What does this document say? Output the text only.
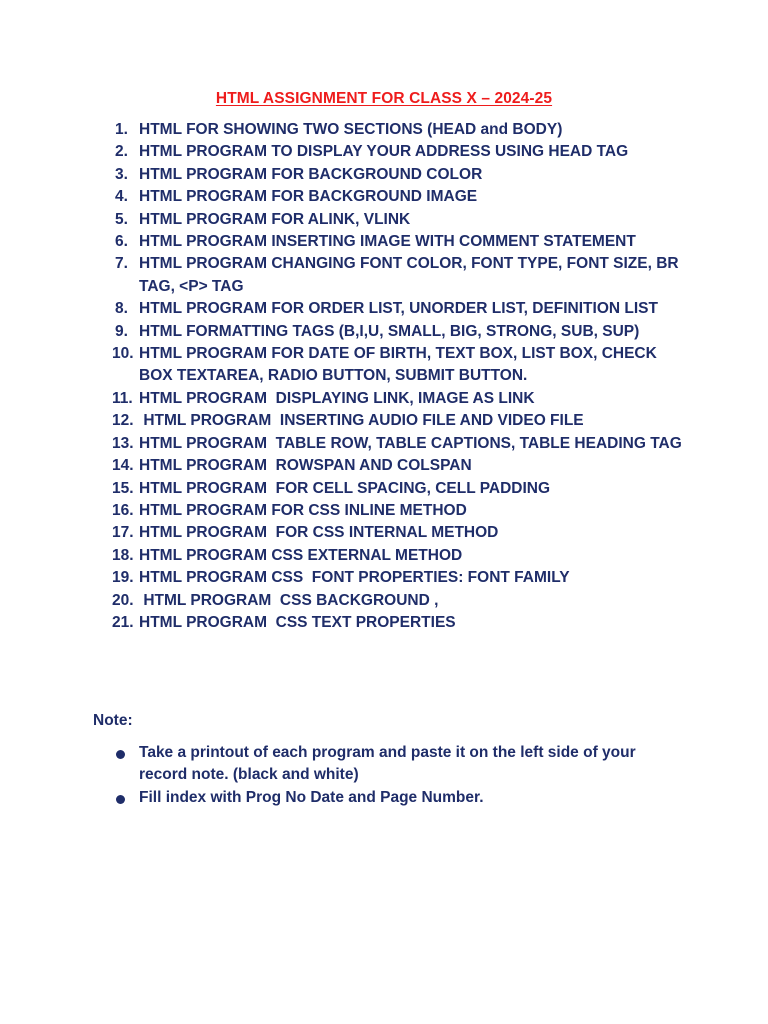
HTML ASSIGNMENT FOR CLASS X – 2024-25
1. HTML FOR SHOWING TWO SECTIONS (HEAD and BODY)
2. HTML PROGRAM TO DISPLAY YOUR ADDRESS USING HEAD TAG
3. HTML PROGRAM FOR BACKGROUND COLOR
4. HTML PROGRAM FOR BACKGROUND IMAGE
5. HTML PROGRAM FOR ALINK, VLINK
6. HTML PROGRAM INSERTING IMAGE WITH COMMENT STATEMENT
7. HTML PROGRAM CHANGING FONT COLOR, FONT TYPE, FONT SIZE, BR TAG, <P> TAG
8. HTML PROGRAM FOR ORDER LIST, UNORDER LIST, DEFINITION LIST
9. HTML FORMATTING TAGS (B,I,U, SMALL, BIG, STRONG, SUB, SUP)
10. HTML PROGRAM FOR DATE OF BIRTH, TEXT BOX, LIST BOX, CHECK BOX TEXTAREA, RADIO BUTTON, SUBMIT BUTTON.
11. HTML PROGRAM  DISPLAYING LINK, IMAGE AS LINK
12. HTML PROGRAM  INSERTING AUDIO FILE AND VIDEO FILE
13. HTML PROGRAM  TABLE ROW, TABLE CAPTIONS, TABLE HEADING TAG
14. HTML PROGRAM  ROWSPAN AND COLSPAN
15. HTML PROGRAM  FOR CELL SPACING, CELL PADDING
16. HTML PROGRAM FOR CSS INLINE METHOD
17. HTML PROGRAM  FOR CSS INTERNAL METHOD
18. HTML PROGRAM CSS EXTERNAL METHOD
19. HTML PROGRAM CSS  FONT PROPERTIES: FONT FAMILY
20. HTML PROGRAM  CSS BACKGROUND ,
21. HTML PROGRAM  CSS TEXT PROPERTIES
Note:
Take a printout of each program and paste it on the left side of your record note. (black and white)
Fill index with Prog No Date and Page Number.
